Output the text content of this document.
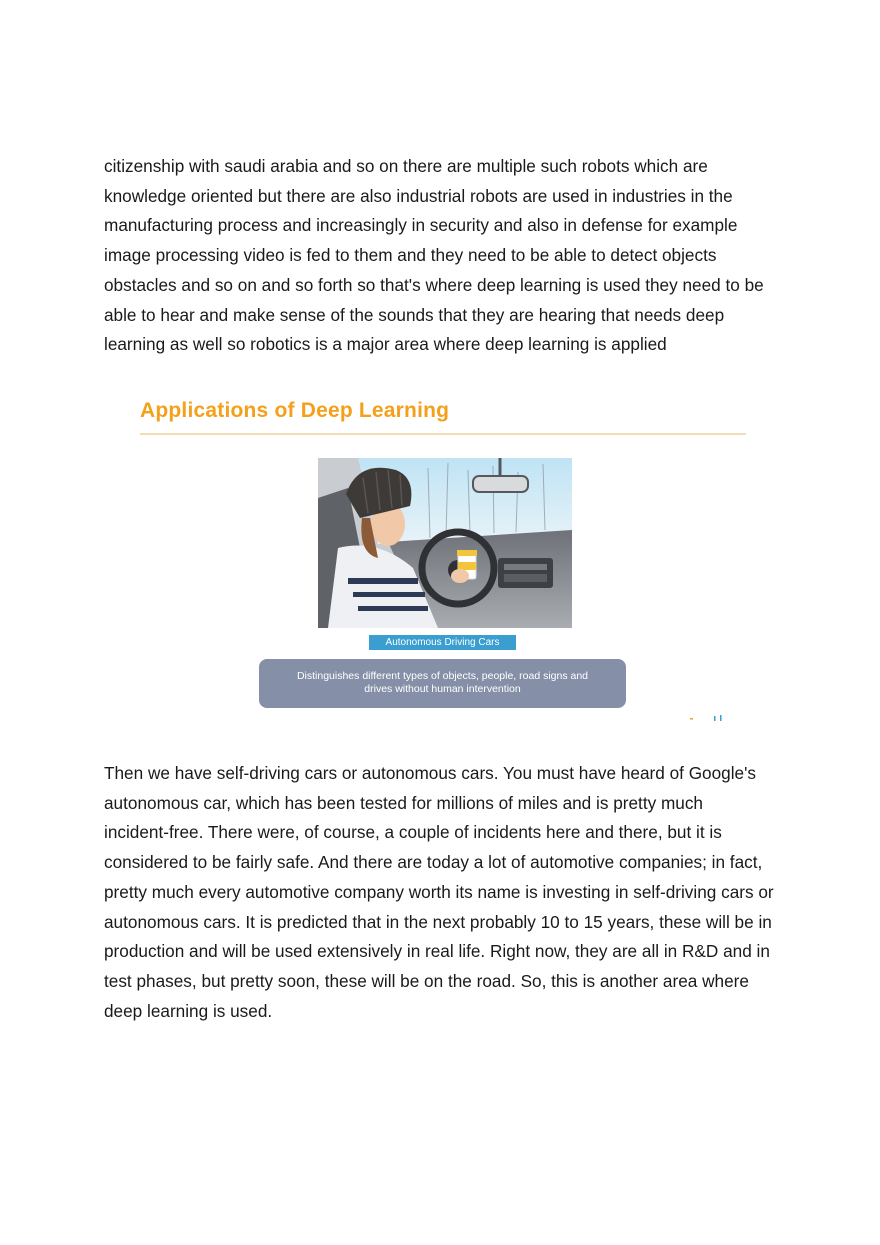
citizenship with saudi arabia and so on there are multiple such robots which are
knowledge oriented but there are also industrial robots are used in industries in the
manufacturing process and increasingly in security and also in defense for example
image processing video is fed to them and they need to be able to detect objects
obstacles and so on and so forth so that's where deep learning is used they need to be
able to hear and make sense of the sounds that they are hearing that needs deep
learning as well so robotics is a major area where deep learning is applied
Applications of Deep Learning
Autonomous Driving Cars
Distinguishes different types of objects, people, road signs and
drives without human intervention
Then we have self-driving cars or autonomous cars. You must have heard of Google's
autonomous car, which has been tested for millions of miles and is pretty much
incident-free. There were, of course, a couple of incidents here and there, but it is
considered to be fairly safe. And there are today a lot of automotive companies; in fact,
pretty much every automotive company worth its name is investing in self-driving cars or
autonomous cars. It is predicted that in the next probably 10 to 15 years, these will be in
production and will be used extensively in real life. Right now, they are all in R&D and in
test phases, but pretty soon, these will be on the road. So, this is another area where
deep learning is used.
